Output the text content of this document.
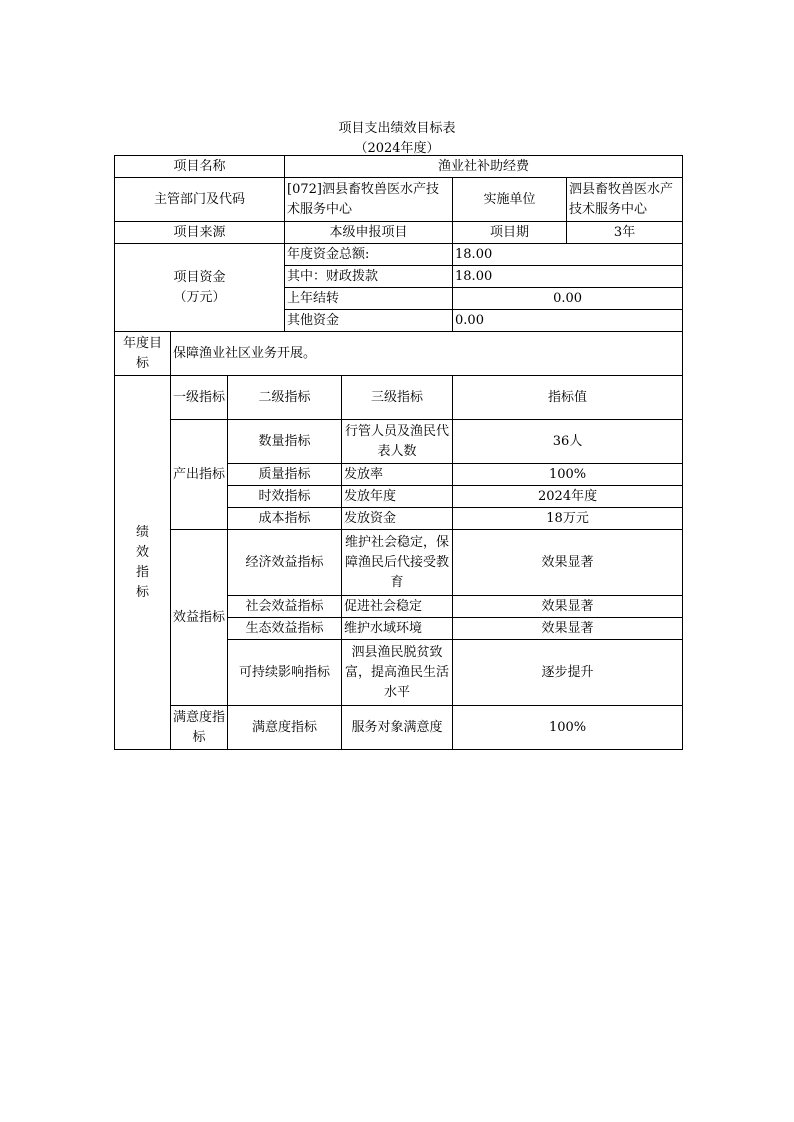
项目支出绩效目标表
（2024年度）
项目名称			渔业社补助经费			
主管部门及代码			[072]泗县畜牧兽医水产技术服务中心		实施单位	泗县畜牧兽医水产技术服务中心
项目来源			本级申报项目		项目期	3年

项目资金
（万元）			年度资金总额:		18.00	
			其中：财政拨款		18.00	
			上年结转		0.00	
			其他资金		0.00	
年度目标	保障渔业社区业务开展。					

绩
效
指
标	一级指标	二级指标		三级指标	指标值	
	产出指标	数量指标		行管人员及渔民代表人数	36人	
		质量指标		发放率	100%	
		时效指标		发放年度	2024年度	
		成本指标		发放资金	18万元	
	效益指标	经济效益指标		维护社会稳定，保障渔民后代接受教育	效果显著	
		社会效益指标		促进社会稳定	效果显著	
		生态效益指标		维护水域环境	效果显著	
		可持续影响指标		泗县渔民脱贫致富，提高渔民生活水平	逐步提升	
	满意度指标	满意度指标		服务对象满意度	100%	
